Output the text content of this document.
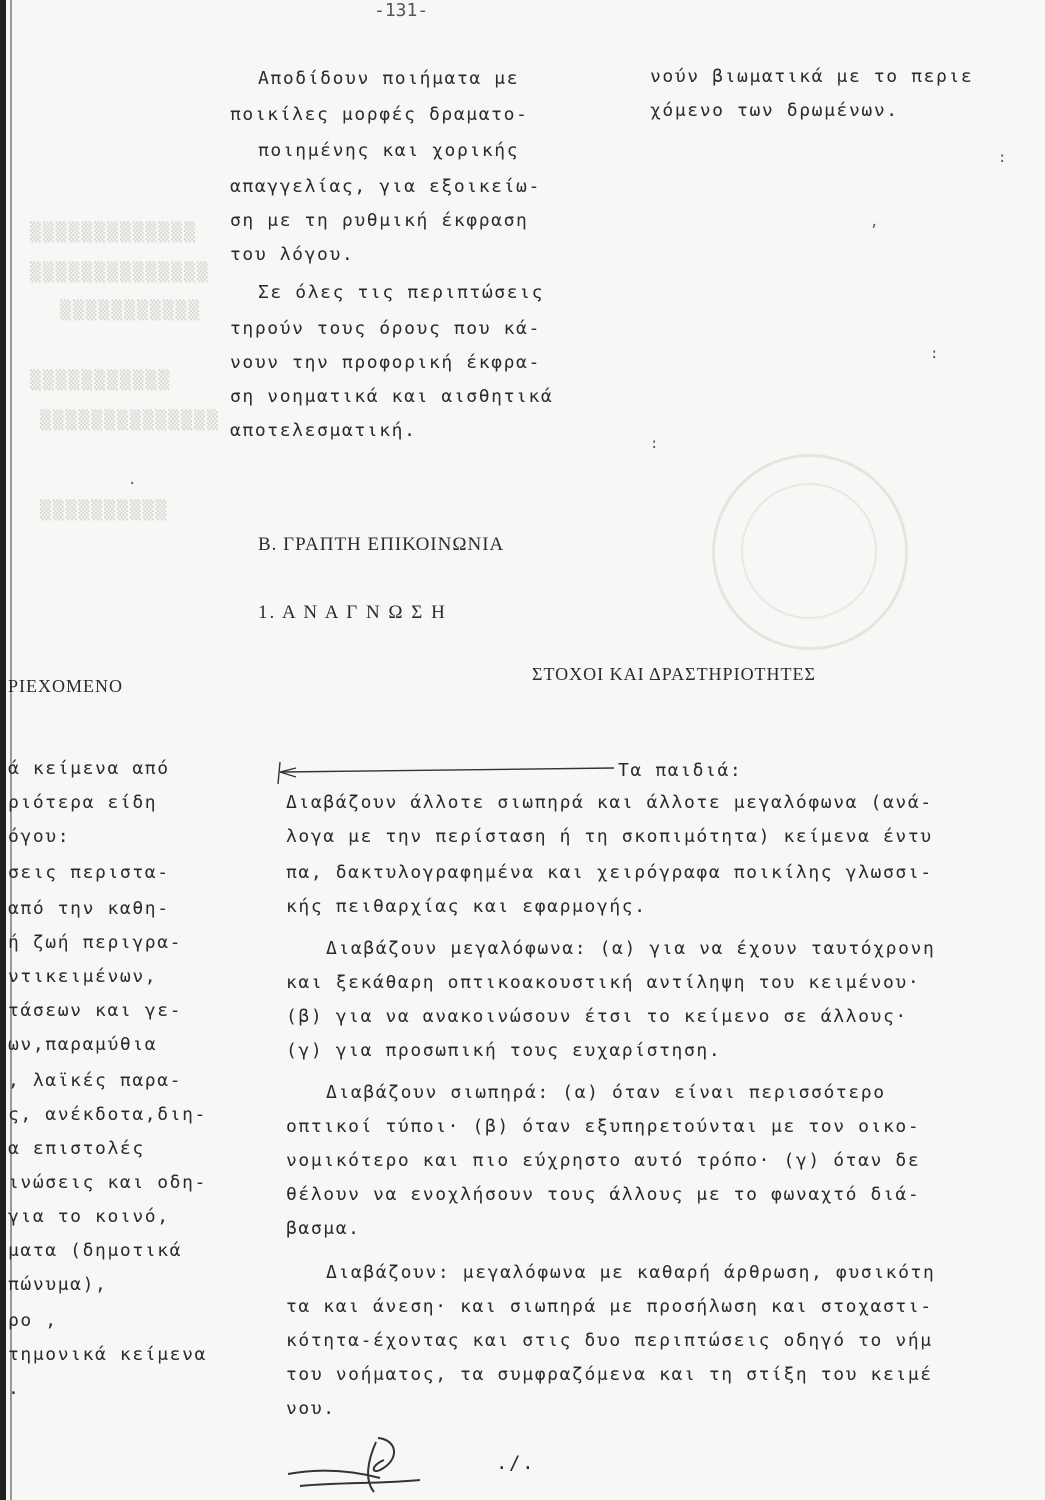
-131-
▒▒▒▒▒▒▒▒▒▒▒▒▒
▒▒▒▒▒▒▒▒▒▒▒▒▒▒
▒▒▒▒▒▒▒▒▒▒▒
▒▒▒▒▒▒▒▒▒▒▒
▒▒▒▒▒▒▒▒▒▒▒▒▒▒
▒▒▒▒▒▒▒▒▒▒
.
:
:
,
:
Αποδίδουν ποιήματα με
ποικίλες μορφές δραματο-
ποιημένης και χορικής
απαγγελίας, για εξοικείω-
ση με τη ρυθμική έκφραση
του λόγου.
Σε όλες τις περιπτώσεις
τηρούν τους όρους που κά-
νουν την προφορική έκφρα-
ση νοηματικά και αισθητικά
αποτελεσματική.
νούν βιωματικά με το περιε
χόμενο των δρωμένων.
Β. ΓΡΑΠΤΗ ΕΠΙΚΟΙΝΩΝΙΑ
1. Α Ν Α Γ Ν Ω Σ Η
ΡΙΕΧΟΜΕΝΟ
ΣΤΟΧΟΙ ΚΑΙ ΔΡΑΣΤΗΡΙΟΤΗΤΕΣ
ά κείμενα από
ριότερα είδη
όγου:
σεις περιστα-
από την καθη-
ή ζωή περιγρα-
ντικειμένων,
τάσεων και γε-
ων,παραμύθια
, λαϊκές παρα-
ς, ανέκδοτα,διη-
α επιστολές
ινώσεις και οδη-
για το κοινό,
ματα (δημοτικά
πώνυμα),
ρο ,
τημονικά κείμενα
.
Τα παιδιά:
Διαβάζουν άλλοτε σιωπηρά και άλλοτε μεγαλόφωνα (ανά-
λογα με την περίσταση ή τη σκοπιμότητα) κείμενα έντυ
πα, δακτυλογραφημένα και χειρόγραφα ποικίλης γλωσσι-
κής πειθαρχίας και εφαρμογής.
Διαβάζουν μεγαλόφωνα: (α) για να έχουν ταυτόχρονη
και ξεκάθαρη οπτικοακουστική αντίληψη του κειμένου·
(β) για να ανακοινώσουν έτσι το κείμενο σε άλλους·
(γ) για προσωπική τους ευχαρίστηση.
Διαβάζουν σιωπηρά: (α) όταν είναι περισσότερο
οπτικοί τύποι· (β) όταν εξυπηρετούνται με τον οικο-
νομικότερο και πιο εύχρηστο αυτό τρόπο· (γ) όταν δε
θέλουν να ενοχλήσουν τους άλλους με το φωναχτό διά-
βασμα.
Διαβάζουν: μεγαλόφωνα με καθαρή άρθρωση, φυσικότη
τα και άνεση· και σιωπηρά με προσήλωση και στοχαστι-
κότητα-έχοντας και στις δυο περιπτώσεις οδηγό το νήμ
του νοήματος, τα συμφραζόμενα και τη στίξη του κειμέ
νου.
./.
